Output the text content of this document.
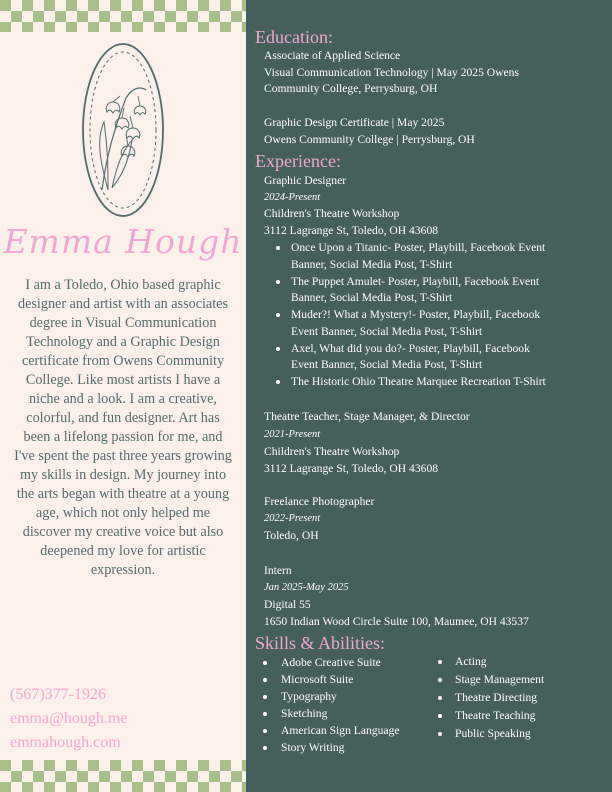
Emma Hough
I am a Toledo, Ohio based graphic designer and artist with an associates degree in Visual Communication Technology and a Graphic Design certificate from Owens Community College. Like most artists I have a niche and a look. I am a creative, colorful, and fun designer. Art has been a lifelong passion for me, and I've spent the past three years growing my skills in design. My journey into the arts began with theatre at a young age, which not only helped me discover my creative voice but also deepened my love for artistic expression.
(567)377-1926
emma@hough.me
emmahough.com
Education:
Associate of Applied Science
Visual Communication Technology | May 2025 Owens
Community College, Perrysburg, OH
Graphic Design Certificate | May 2025
Owens Community College | Perrysburg, OH
Experience:
Graphic Designer
2024-Present
Children's Theatre Workshop
3112 Lagrange St, Toledo, OH 43608
Once Upon a Titanic- Poster, Playbill, Facebook Event
Banner, Social Media Post, T-Shirt
The Puppet Amulet- Poster, Playbill, Facebook Event
Banner, Social Media Post, T-Shirt
Muder?! What a Mystery!- Poster, Playbill, Facebook
Event Banner, Social Media Post, T-Shirt
Axel, What did you do?- Poster, Playbill, Facebook
Event Banner, Social Media Post, T-Shirt
The Historic Ohio Theatre Marquee Recreation T-Shirt
Theatre Teacher, Stage Manager, & Director
2021-Present
Children's Theatre Workshop
3112 Lagrange St, Toledo, OH 43608
Freelance Photographer
2022-Present
Toledo, OH
Intern
Jan 2025-May 2025
Digital 55
1650 Indian Wood Circle Suite 100, Maumee, OH 43537
Skills & Abilities:
Adobe Creative Suite
Microsoft Suite
Typography
Sketching
American Sign Language
Story Writing
Acting
Stage Management
Theatre Directing
Theatre Teaching
Public Speaking
